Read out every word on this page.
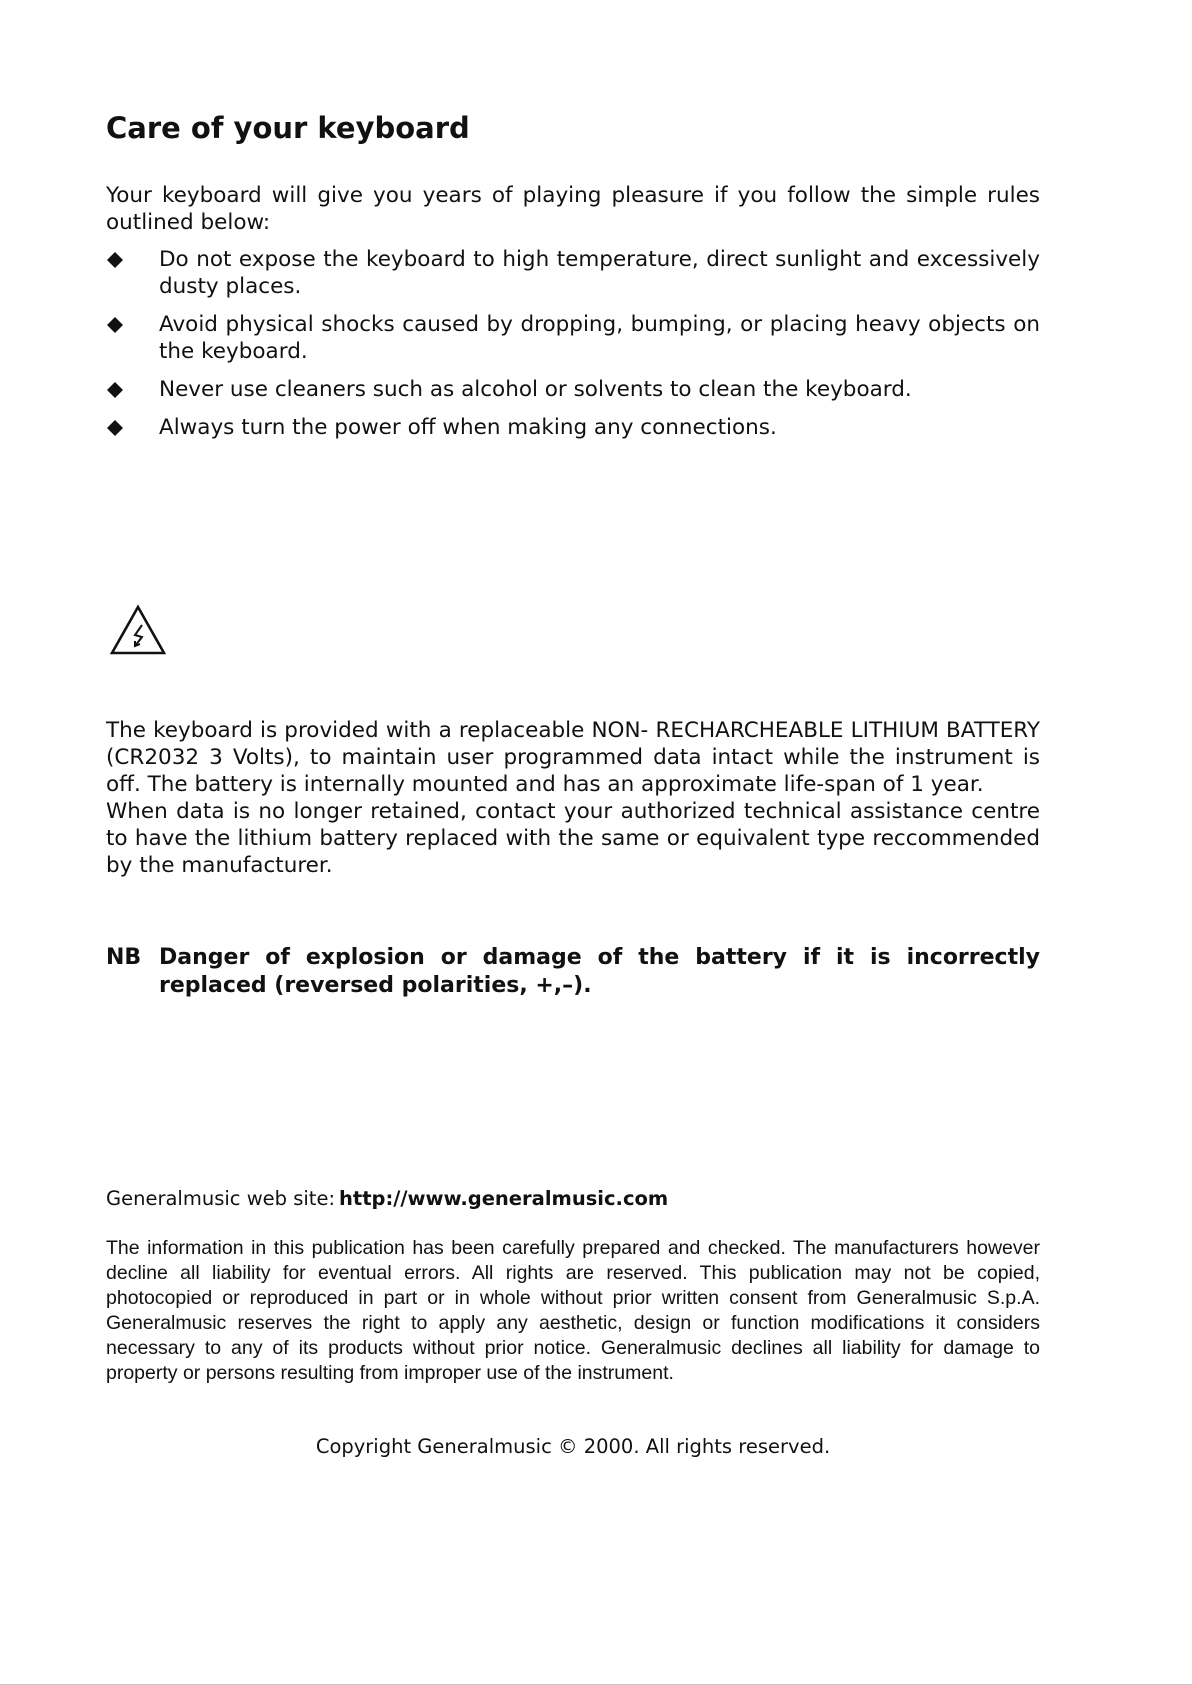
Care of your keyboard

Your keyboard will give you years of playing pleasure if you follow the simple rules outlined below:

Do not expose the keyboard to high temperature, direct sunlight and excessively dusty places.
Avoid physical shocks caused by dropping, bumping, or placing heavy objects on the keyboard.
Never use cleaners such as alcohol or solvents to clean the keyboard.
Always turn the power off when making any connections.

The keyboard is provided with a replaceable NON- RECHARCHEABLE LITHIUM BATTERY (CR2032 3 Volts), to maintain user programmed data intact while the instrument is off. The battery is internally mounted and has an approximate life-span of 1 year.

When data is no longer retained, contact your authorized technical assistance centre to have the lithium battery replaced with the same or equivalent type reccommended by the manufacturer.

NB Danger of explosion or damage of the battery if it is incorrectly replaced (reversed polarities, +,–).
Generalmusic web site: http://www.generalmusic.com

The information in this publication has been carefully prepared and checked. The manufacturers however decline all liability for eventual errors. All rights are reserved. This publication may not be copied, photocopied or reproduced in part or in whole without prior written consent from Generalmusic S.p.A. Generalmusic reserves the right to apply any aesthetic, design or function modifications it considers necessary to any of its products without prior notice. Generalmusic declines all liability for damage to property or persons resulting from improper use of the instrument.

Copyright Generalmusic © 2000. All rights reserved.
